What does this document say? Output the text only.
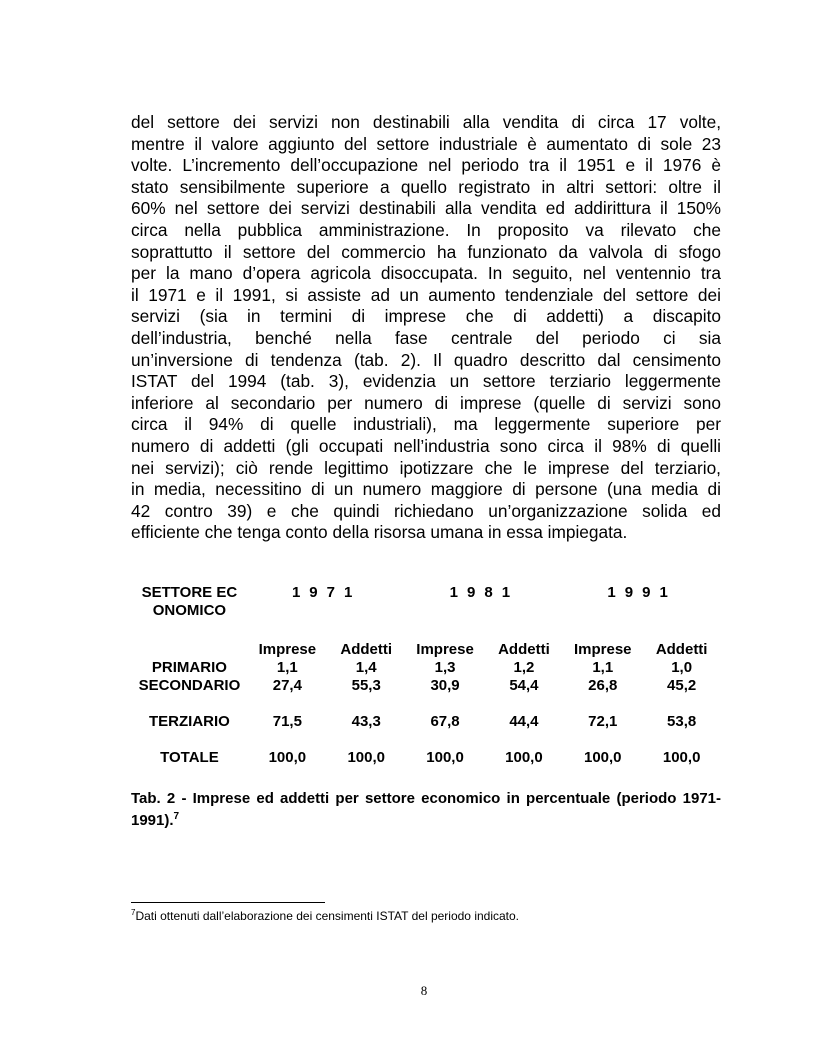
del settore dei servizi non destinabili alla vendita di circa 17 volte,
mentre il valore aggiunto del settore industriale è aumentato di sole 23
volte. L’incremento dell’occupazione nel periodo tra il 1951 e il 1976 è
stato sensibilmente superiore a quello registrato in altri settori: oltre il
60% nel settore dei servizi destinabili alla vendita ed addirittura il 150%
circa nella pubblica amministrazione. In proposito va rilevato che
soprattutto il settore del commercio ha funzionato da valvola di sfogo
per la mano d’opera agricola disoccupata. In seguito, nel ventennio tra
il 1971 e il 1991, si assiste ad un aumento tendenziale del settore dei
servizi (sia in termini di imprese che di addetti) a discapito
dell’industria, benché nella fase centrale del periodo ci sia
un’inversione di tendenza (tab. 2). Il quadro descritto dal censimento
ISTAT del 1994 (tab. 3), evidenzia un settore terziario leggermente
inferiore al secondario per numero di imprese (quelle di servizi sono
circa il 94% di quelle industriali), ma leggermente superiore per
numero di addetti (gli occupati nell’industria sono circa il 98% di quelli
nei servizi); ciò rende legittimo ipotizzare che le imprese del terziario,
in media, necessitino di un numero maggiore di persone (una media di
42 contro 39) e che quindi richiedano un’organizzazione solida ed
efficiente che tenga conto della risorsa umana in essa impiegata.
SETTORE ECONOMICO	1971		1981		1991	
	Imprese	Addetti	Imprese	Addetti	Imprese	Addetti
PRIMARIO	1,1	1,4	1,3	1,2	1,1	1,0
SECONDARIO	27,4	55,3	30,9	54,4	26,8	45,2
TERZIARIO	71,5	43,3	67,8	44,4	72,1	53,8

TOTALE	100,0	100,0	100,0	100,0	100,0	100,0

Tab. 2 - Imprese ed addetti per settore economico in percentuale (periodo 1971-1991).$^7$

$^7$Dati ottenuti dall’elaborazione dei censimenti ISTAT del periodo indicato.

8
